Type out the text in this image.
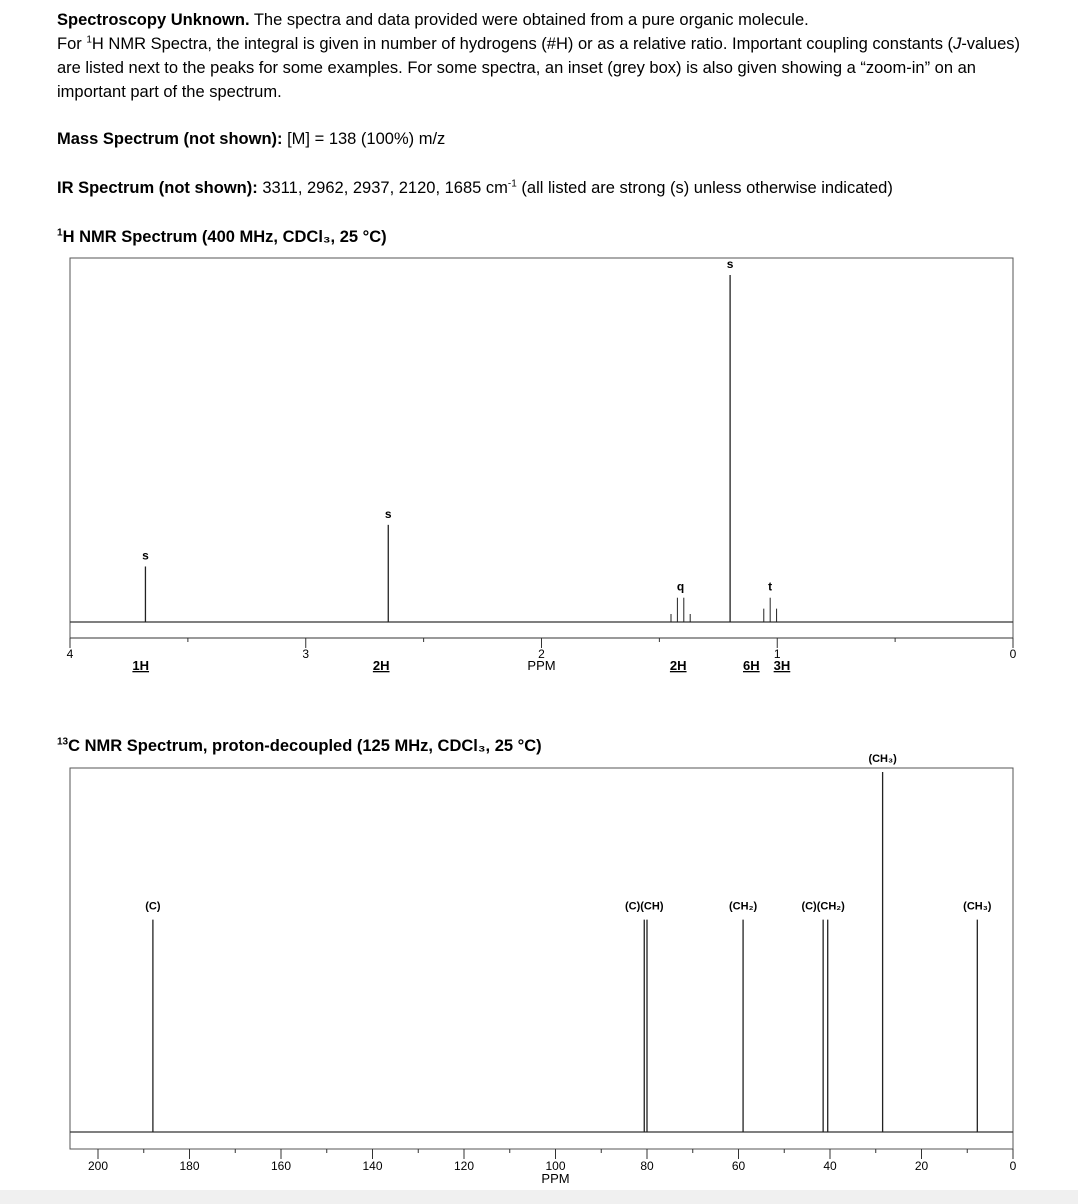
Spectroscopy Unknown. The spectra and data provided were obtained from a pure organic molecule.

For $^1$H NMR Spectra, the integral is given in number of hydrogens (#H) or as a relative ratio. Important coupling constants (J-values) are listed next to the peaks for some examples. For some spectra, an inset (grey box) is also given showing a “zoom-in” on an important part of the spectrum.

Mass Spectrum (not shown): [M] = 138 (100%) m/z
IR Spectrum (not shown): 3311, 2962, 2937, 2120, 1685 $cm^{-1}$ (all listed are strong (s) unless otherwise indicated)
$^1$H NMR Spectrum (400 MHz, CDCl₃, 25 °C)
$^{13}$C NMR Spectrum, proton-decoupled (125 MHz, CDCl₃, 25 °C)
4	3	2	1	0
PPM
s
s
s
q	t
1H	2H	2H	6H 3H
200	180	160	140	120	100	80	60	40	20	0
PPM
(C)	(C)(CH)	(CH₂)	(C)(CH₂)
(CH₃)
(CH₃)
